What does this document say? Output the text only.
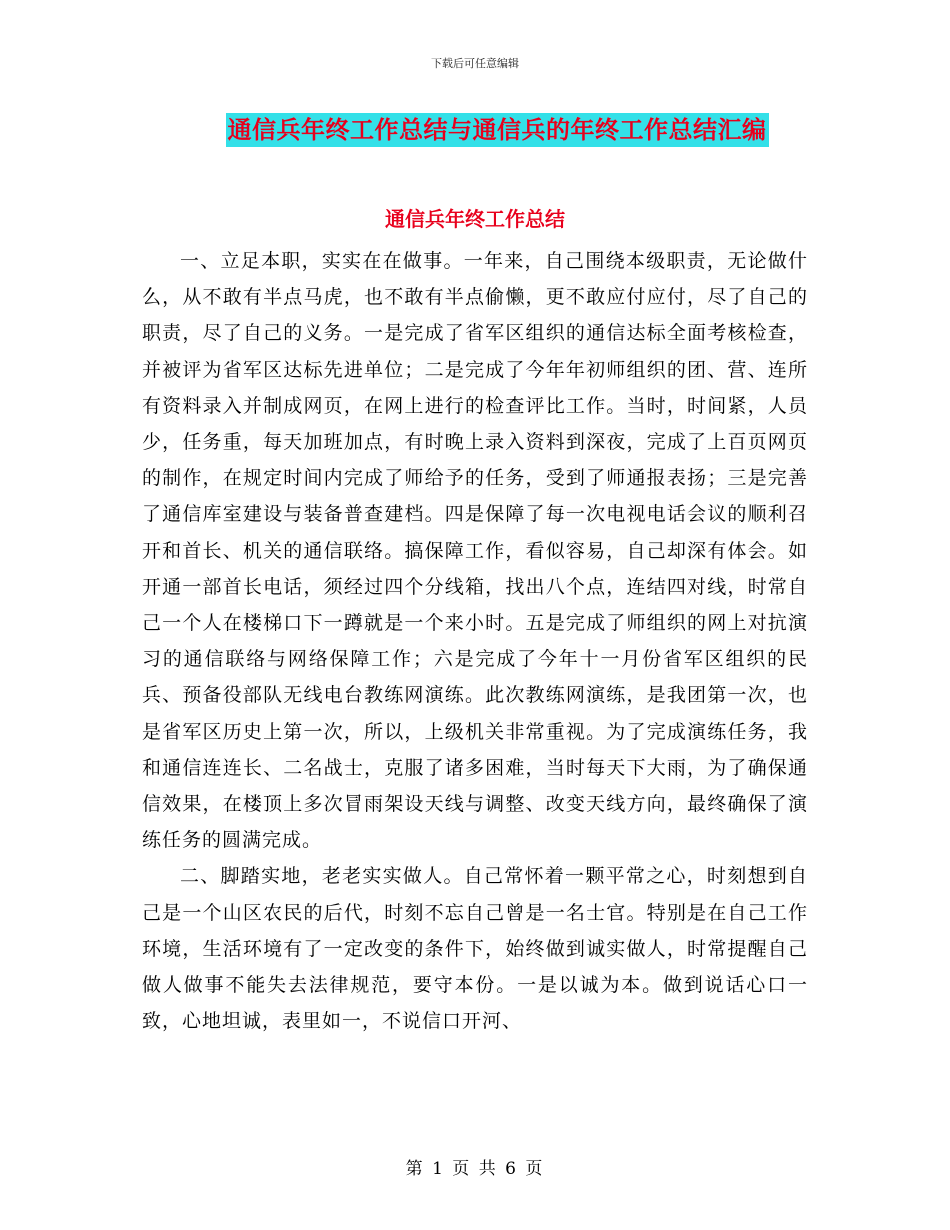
下载后可任意编辑
通信兵年终工作总结与通信兵的年终工作总结汇编
通信兵年终工作总结

一、立足本职，实实在在做事。一年来，自己围绕本级职责，无论做什么，从不敢有半点马虎，也不敢有半点偷懒，更不敢应付应付，尽了自己的职责，尽了自己的义务。一是完成了省军区组织的通信达标全面考核检查，并被评为省军区达标先进单位；二是完成了今年年初师组织的团、营、连所有资料录入并制成网页，在网上进行的检查评比工作。当时，时间紧，人员少，任务重，每天加班加点，有时晚上录入资料到深夜，完成了上百页网页的制作，在规定时间内完成了师给予的任务，受到了师通报表扬；三是完善了通信库室建设与装备普查建档。四是保障了每一次电视电话会议的顺利召开和首长、机关的通信联络。搞保障工作，看似容易，自己却深有体会。如开通一部首长电话，须经过四个分线箱，找出八个点，连结四对线，时常自己一个人在楼梯口下一蹲就是一个来小时。五是完成了师组织的网上对抗演习的通信联络与网络保障工作；六是完成了今年十一月份省军区组织的民兵、预备役部队无线电台教练网演练。此次教练网演练，是我团第一次，也是省军区历史上第一次，所以，上级机关非常重视。为了完成演练任务，我和通信连连长、二名战士，克服了诸多困难，当时每天下大雨，为了确保通信效果，在楼顶上多次冒雨架设天线与调整、改变天线方向，最终确保了演练任务的圆满完成。

二、脚踏实地，老老实实做人。自己常怀着一颗平常之心，时刻想到自己是一个山区农民的后代，时刻不忘自己曾是一名士官。特别是在自己工作环境，生活环境有了一定改变的条件下，始终做到诚实做人，时常提醒自己做人做事不能失去法律规范，要守本份。一是以诚为本。做到说话心口一致，心地坦诚，表里如一，不说信口开河、

第 1 页 共 6 页
